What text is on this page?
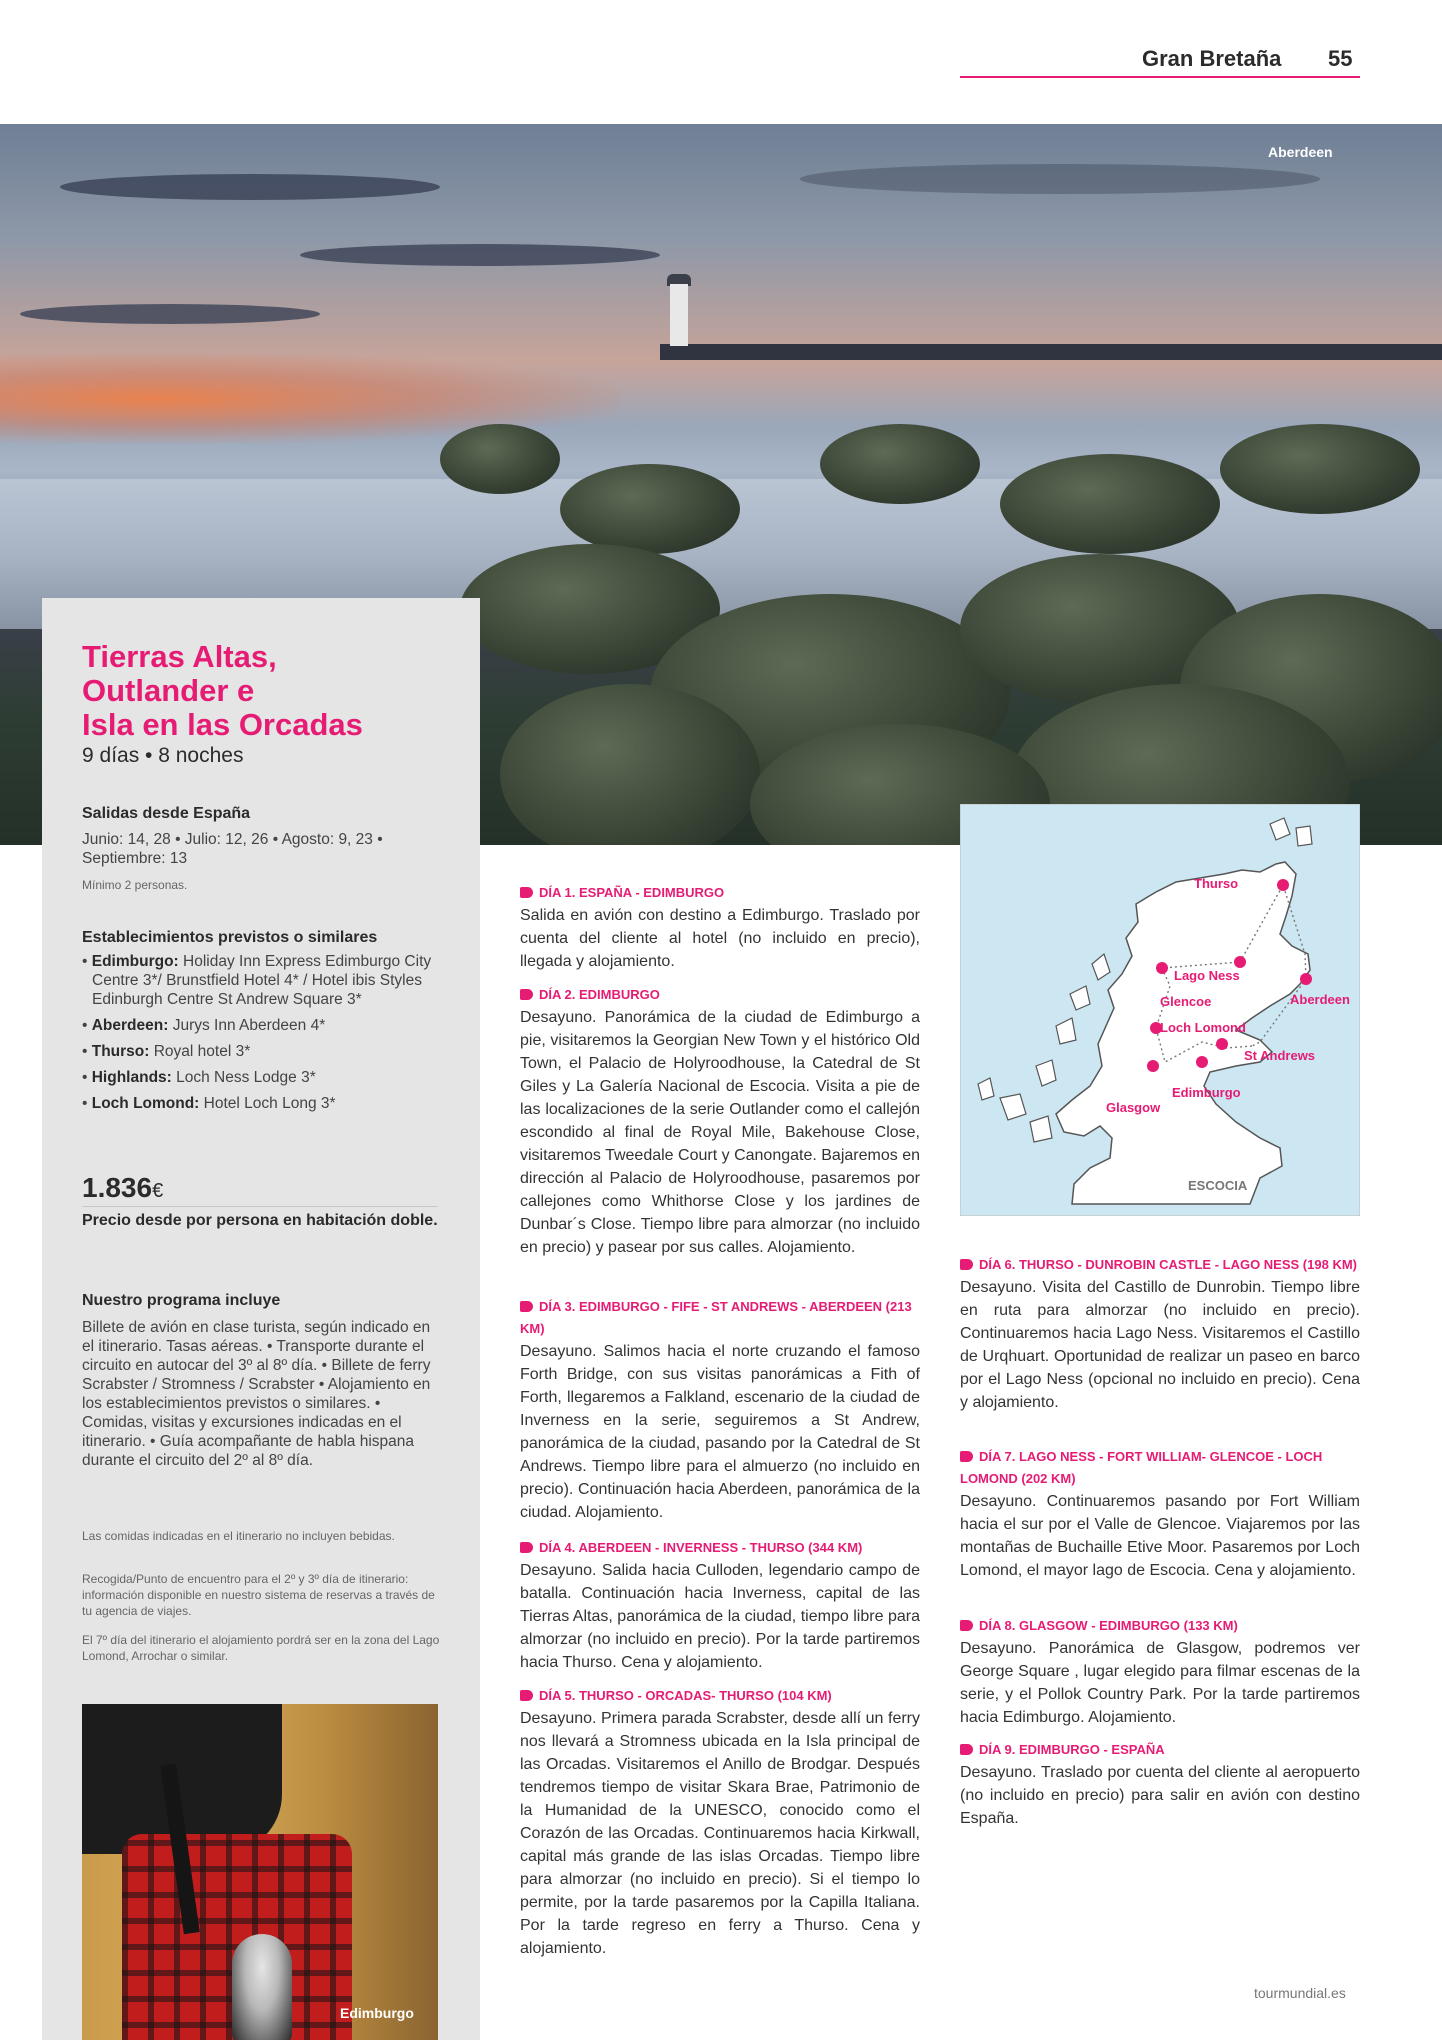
Gran Bretaña 55
Aberdeen
Tierras Altas,
Outlander e
Isla en las Orcadas
9 días • 8 noches
Salidas desde España
Junio: 14, 28 • Julio: 12, 26 • Agosto: 9, 23 • Septiembre: 13
Mínimo 2 personas.
Establecimientos previstos o similares
• Edimburgo: Holiday Inn Express Edimburgo City Centre 3*/ Brunstfield Hotel 4* / Hotel ibis Styles Edinburgh Centre St Andrew Square 3*
• Aberdeen: Jurys Inn Aberdeen 4*
• Thurso: Royal hotel 3*
• Highlands: Loch Ness Lodge 3*
• Loch Lomond: Hotel Loch Long 3*
1.836€
Precio desde por persona en habitación doble.
Nuestro programa incluye
Billete de avión en clase turista, según indicado en el itinerario. Tasas aéreas. • Transporte durante el circuito en autocar del 3º al 8º día. • Billete de ferry Scrabster / Stromness / Scrabster • Alojamiento en los establecimientos previstos o similares. • Comidas, visitas y excursiones indicadas en el itinerario. • Guía acompañante de habla hispana durante el circuito del 2º al 8º día.
Las comidas indicadas en el itinerario no incluyen bebidas.
Recogida/Punto de encuentro para el 2º y 3º día de itinerario: información disponible en nuestro sistema de reservas a través de tu agencia de viajes.
El 7º día del itinerario el alojamiento pordrá ser en la zona del Lago Lomond, Arrochar o similar.
Edimburgo
Thurso
Lago Ness
Glencoe	Aberdeen
Loch Lomond
St Andrews
Edimburgo
Glasgow
ESCOCIA
DÍA 1. ESPAÑA - EDIMBURGO

Salida en avión con destino a Edimburgo. Traslado por cuenta del cliente al hotel (no incluido en precio), llegada y alojamiento.

DÍA 2. EDIMBURGO

Desayuno. Panorámica de la ciudad de Edimburgo a pie, visitaremos la Georgian New Town y el histórico Old Town, el Palacio de Holyroodhouse, la Catedral de St Giles y La Galería Nacional de Escocia. Visita a pie de las localizaciones de la serie Outlander como el callejón escondido al final de Royal Mile, Bakehouse Close, visitaremos Tweedale Court y Canongate. Bajaremos en dirección al Palacio de Holyroodhouse, pasaremos por callejones como Whithorse Close y los jardines de Dunbar´s Close. Tiempo libre para almorzar (no incluido en precio) y pasear por sus calles. Alojamiento.

DÍA 3. EDIMBURGO - FIFE - ST ANDREWS - ABERDEEN (213 KM)

Desayuno. Salimos hacia el norte cruzando el famoso Forth Bridge, con sus visitas panorámicas a Fith of Forth, llegaremos a Falkland, escenario de la ciudad de Inverness en la serie, seguiremos a St Andrew, panorámica de la ciudad, pasando por la Catedral de St Andrews. Tiempo libre para el almuerzo (no incluido en precio). Continuación hacia Aberdeen, panorámica de la ciudad. Alojamiento.

DÍA 4. ABERDEEN - INVERNESS - THURSO (344 KM)

Desayuno. Salida hacia Culloden, legendario campo de batalla. Continuación hacia Inverness, capital de las Tierras Altas, panorámica de la ciudad, tiempo libre para almorzar (no incluido en precio). Por la tarde partiremos hacia Thurso. Cena y alojamiento.

DÍA 5. THURSO - ORCADAS- THURSO (104 KM)

Desayuno. Primera parada Scrabster, desde allí un ferry nos llevará a Stromness ubicada en la Isla principal de las Orcadas. Visitaremos el Anillo de Brodgar. Después tendremos tiempo de visitar Skara Brae, Patrimonio de la Humanidad de la UNESCO, conocido como el Corazón de las Orcadas. Continuaremos hacia Kirkwall, capital más grande de las islas Orcadas. Tiempo libre para almorzar (no incluido en precio). Si el tiempo lo permite, por la tarde pasaremos por la Capilla Italiana. Por la tarde regreso en ferry a Thurso. Cena y alojamiento.

DÍA 6. THURSO - DUNROBIN CASTLE - LAGO NESS (198 KM)

Desayuno. Visita del Castillo de Dunrobin. Tiempo libre en ruta para almorzar (no incluido en precio). Continuaremos hacia Lago Ness. Visitaremos el Castillo de Urqhuart. Oportunidad de realizar un paseo en barco por el Lago Ness (opcional no incluido en precio). Cena y alojamiento.

DÍA 7. LAGO NESS - FORT WILLIAM- GLENCOE - LOCH LOMOND (202 KM)

Desayuno. Continuaremos pasando por Fort William hacia el sur por el Valle de Glencoe. Viajaremos por las montañas de Buchaille Etive Moor. Pasaremos por Loch Lomond, el mayor lago de Escocia. Cena y alojamiento.

DÍA 8. GLASGOW - EDIMBURGO (133 KM)

Desayuno. Panorámica de Glasgow, podremos ver George Square , lugar elegido para filmar escenas de la serie, y el Pollok Country Park. Por la tarde partiremos hacia Edimburgo. Alojamiento.

DÍA 9. EDIMBURGO - ESPAÑA

Desayuno. Traslado por cuenta del cliente al aeropuerto (no incluido en precio) para salir en avión con destino España.

tourmundial.es
